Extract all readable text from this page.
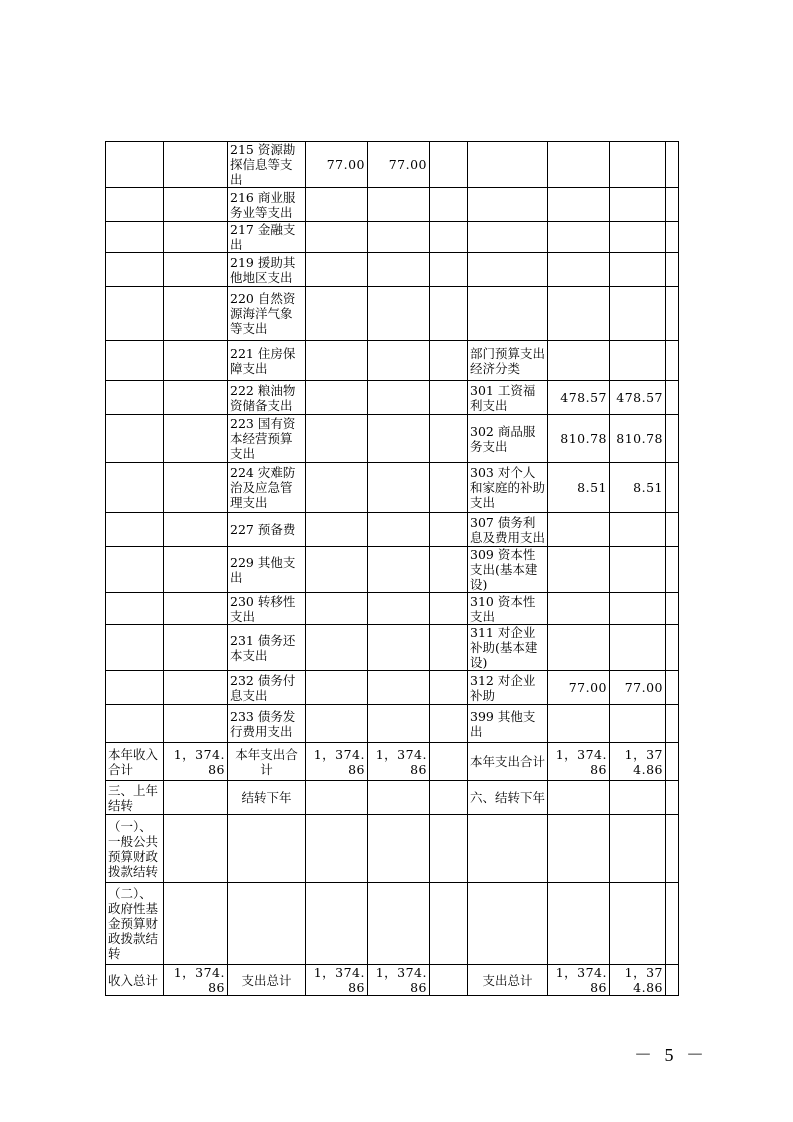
		215 资源勘探信息等支出	77.00	77.00					
		216 商业服务业等支出							
		217 金融支出							
		219 援助其他地区支出							
		220 自然资源海洋气象等支出							
		221 住房保障支出				部门预算支出经济分类			
		222 粮油物资储备支出				301 工资福利支出	478.57	478.57	
		223 国有资本经营预算支出				302 商品服务支出	810.78	810.78	
		224 灾难防治及应急管理支出				303 对个人和家庭的补助支出	8.51	8.51	
		227 预备费				307 债务利息及费用支出			
		229 其他支出				309 资本性支出(基本建设)			
		230 转移性支出				310 资本性支出			
		231 债务还本支出				311 对企业补助(基本建设)			
		232 债务付息支出				312 对企业补助	77.00	77.00	
		233 债务发行费用支出				399 其他支出			
本年收入合计	1，374.86	本年支出合计	1，374.86	1，374.86		本年支出合计	1，374.86	1，374.86	
三、上年结转		结转下年				六、结转下年			
（一）、一般公共预算财政拨款结转									
（二）、政府性基金预算财政拨款结转									
收入总计	1，374.86	支出总计	1，374.86	1，374.86		支出总计	1，374.86	1，374.86	
－ 5 －
